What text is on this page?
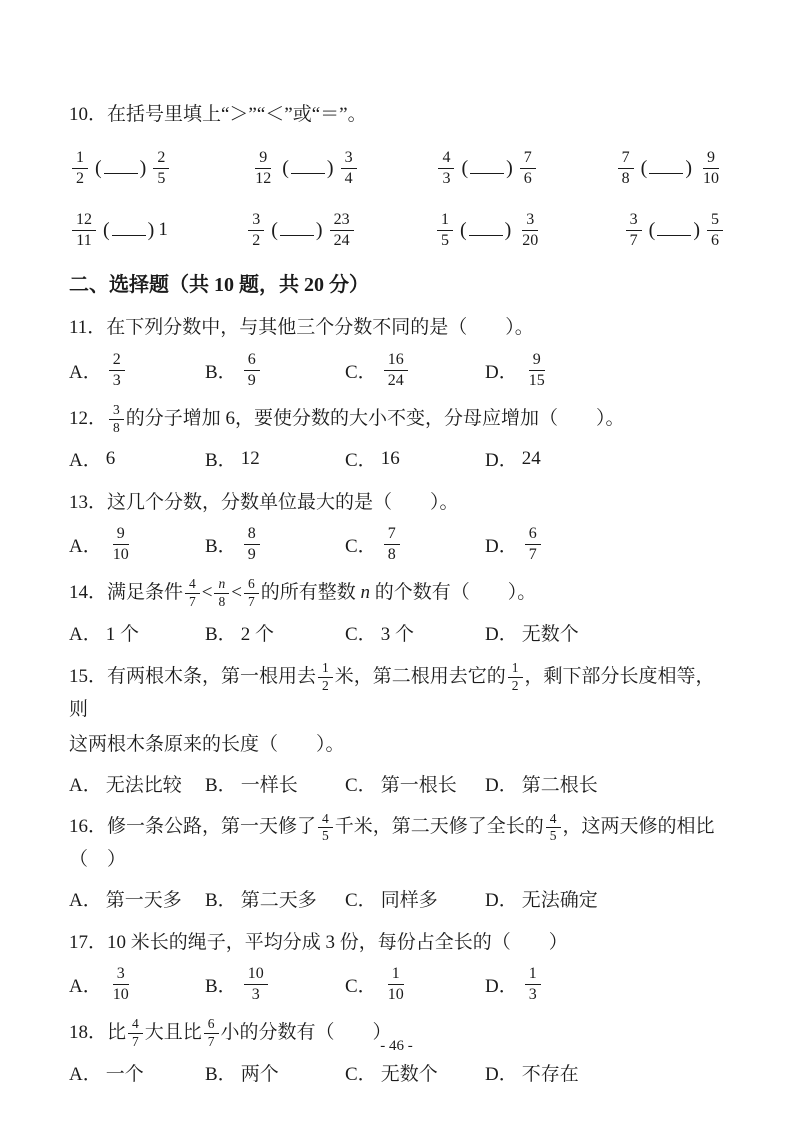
10．在括号里填上“＞”“＜”或“＝”。
$\frac{1}{2}$ ( ) $\frac{2}{5}$	$\frac{9}{12}$ ( ) $\frac{3}{4}$	$\frac{4}{3}$ ( ) $\frac{7}{6}$	$\frac{7}{8}$ ( ) $\frac{9}{10}$
$\frac{12}{11}$ ( ) 1	$\frac{3}{2}$ ( ) $\frac{23}{24}$	$\frac{1}{5}$ ( ) $\frac{3}{20}$	$\frac{3}{7}$ ( ) $\frac{5}{6}$
二、选择题（共 10 题，共 20 分）
11．在下列分数中，与其他三个分数不同的是（　　）。
A． $\frac{2}{3}$	B． $\frac{6}{9}$	C． $\frac{16}{24}$	D． $\frac{9}{15}$
12． $\frac{3}{8}$ 的分子增加 6，要使分数的大小不变，分母应增加（　　）。
A． 6	B． 12	C． 16	D． 24
13．这几个分数，分数单位最大的是（　　）。
A． $\frac{9}{10}$	B． $\frac{8}{9}$	C． $\frac{7}{8}$	D． $\frac{6}{7}$
14．满足条件 $\frac{4}{7} < \frac{n}{8} < \frac{6}{7}$ 的所有整数 n 的个数有（　　）。
A． 1 个	B． 2 个	C． 3 个	D． 无数个
15．有两根木条，第一根用去 $\frac{1}{2}$ 米，第二根用去它的 $\frac{1}{2}$ ，剩下部分长度相等，则
这两根木条原来的长度（　　）。
A． 无法比较 B． 一样长 C． 第一根长 D． 第二根长
16．修一条公路，第一天修了 $\frac{4}{5}$ 千米，第二天修了全长的 $\frac{4}{5}$ ，这两天修的相比（　）
A． 第一天多 B． 第二天多 C． 同样多 D． 无法确定
17．10 米长的绳子，平均分成 3 份，每份占全长的（　　）
A． $\frac{3}{10}$	B． $\frac{10}{3}$	C． $\frac{1}{10}$	D． $\frac{1}{3}$
18．比 $\frac{4}{7}$ 大且比 $\frac{6}{7}$ 小的分数有（　　）
A． 一个	B． 两个	C． 无数个 D． 不存在
- 46 -
